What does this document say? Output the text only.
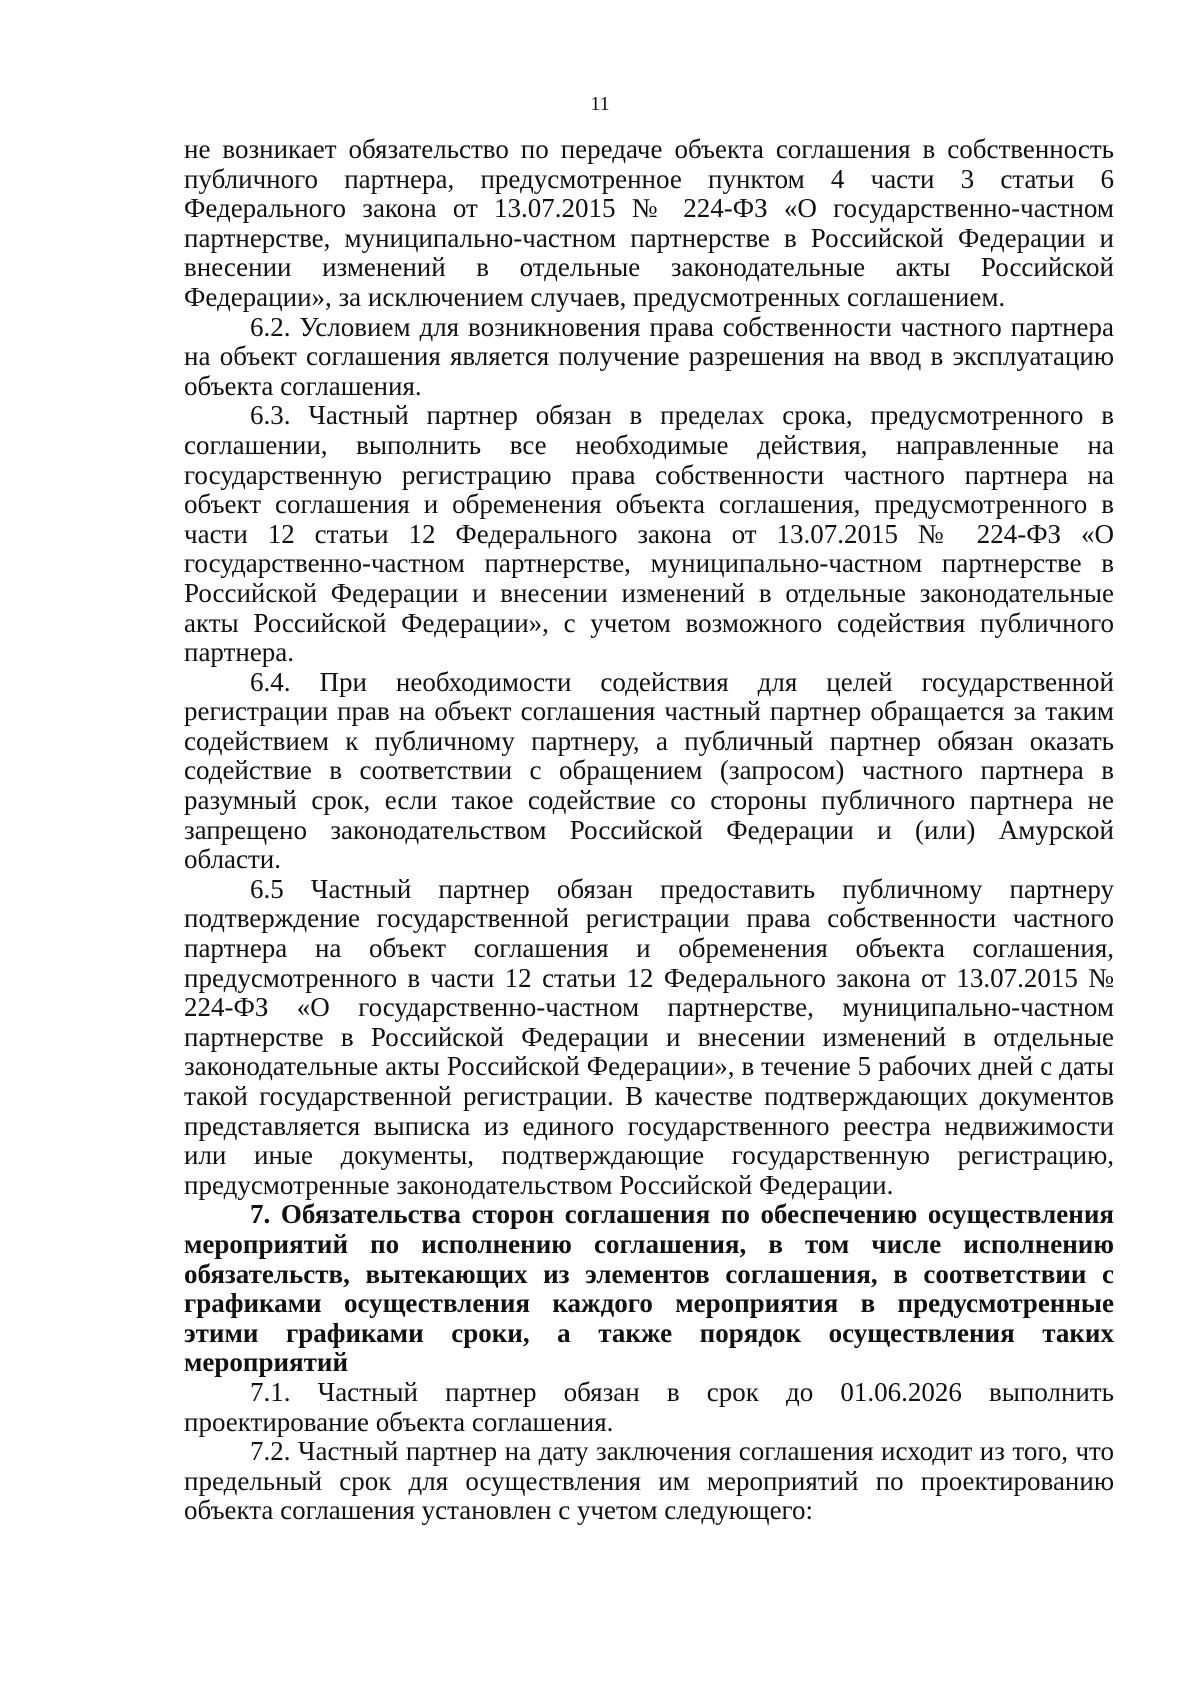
11

не возникает обязательство по передаче объекта соглашения в собственность публичного партнера, предусмотренное пунктом 4 части 3 статьи 6 Федерального закона от 13.07.2015 № 224-ФЗ «О государственно-частном партнерстве, муниципально-частном партнерстве в Российской Федерации и внесении изменений в отдельные законодательные акты Российской Федерации», за исключением случаев, предусмотренных соглашением.

6.2. Условием для возникновения права собственности частного партнера на объект соглашения является получение разрешения на ввод в эксплуатацию объекта соглашения.

6.3. Частный партнер обязан в пределах срока, предусмотренного в соглашении, выполнить все необходимые действия, направленные на государственную регистрацию права собственности частного партнера на объект соглашения и обременения объекта соглашения, предусмотренного в части 12 статьи 12 Федерального закона от 13.07.2015 № 224-ФЗ «О государственно-частном партнерстве, муниципально-частном партнерстве в Российской Федерации и внесении изменений в отдельные законодательные акты Российской Федерации», с учетом возможного содействия публичного партнера.

6.4. При необходимости содействия для целей государственной регистрации прав на объект соглашения частный партнер обращается за таким содействием к публичному партнеру, а публичный партнер обязан оказать содействие в соответствии с обращением (запросом) частного партнера в разумный срок, если такое содействие со стороны публичного партнера не запрещено законодательством Российской Федерации и (или) Амурской области.

6.5 Частный партнер обязан предоставить публичному партнеру подтверждение государственной регистрации права собственности частного партнера на объект соглашения и обременения объекта соглашения, предусмотренного в части 12 статьи 12 Федерального закона от 13.07.2015 № 224-ФЗ «О государственно-частном партнерстве, муниципально-частном партнерстве в Российской Федерации и внесении изменений в отдельные законодательные акты Российской Федерации», в течение 5 рабочих дней с даты такой государственной регистрации. В качестве подтверждающих документов представляется выписка из единого государственного реестра недвижимости или иные документы, подтверждающие государственную регистрацию, предусмотренные законодательством Российской Федерации.

7. Обязательства сторон соглашения по обеспечению осуществления мероприятий по исполнению соглашения, в том числе исполнению обязательств, вытекающих из элементов соглашения, в соответствии с графиками осуществления каждого мероприятия в предусмотренные этими графиками сроки, а также порядок осуществления таких мероприятий

7.1. Частный партнер обязан в срок до 01.06.2026 выполнить проектирование объекта соглашения.

7.2. Частный партнер на дату заключения соглашения исходит из того, что предельный срок для осуществления им мероприятий по проектированию объекта соглашения установлен с учетом следующего:
